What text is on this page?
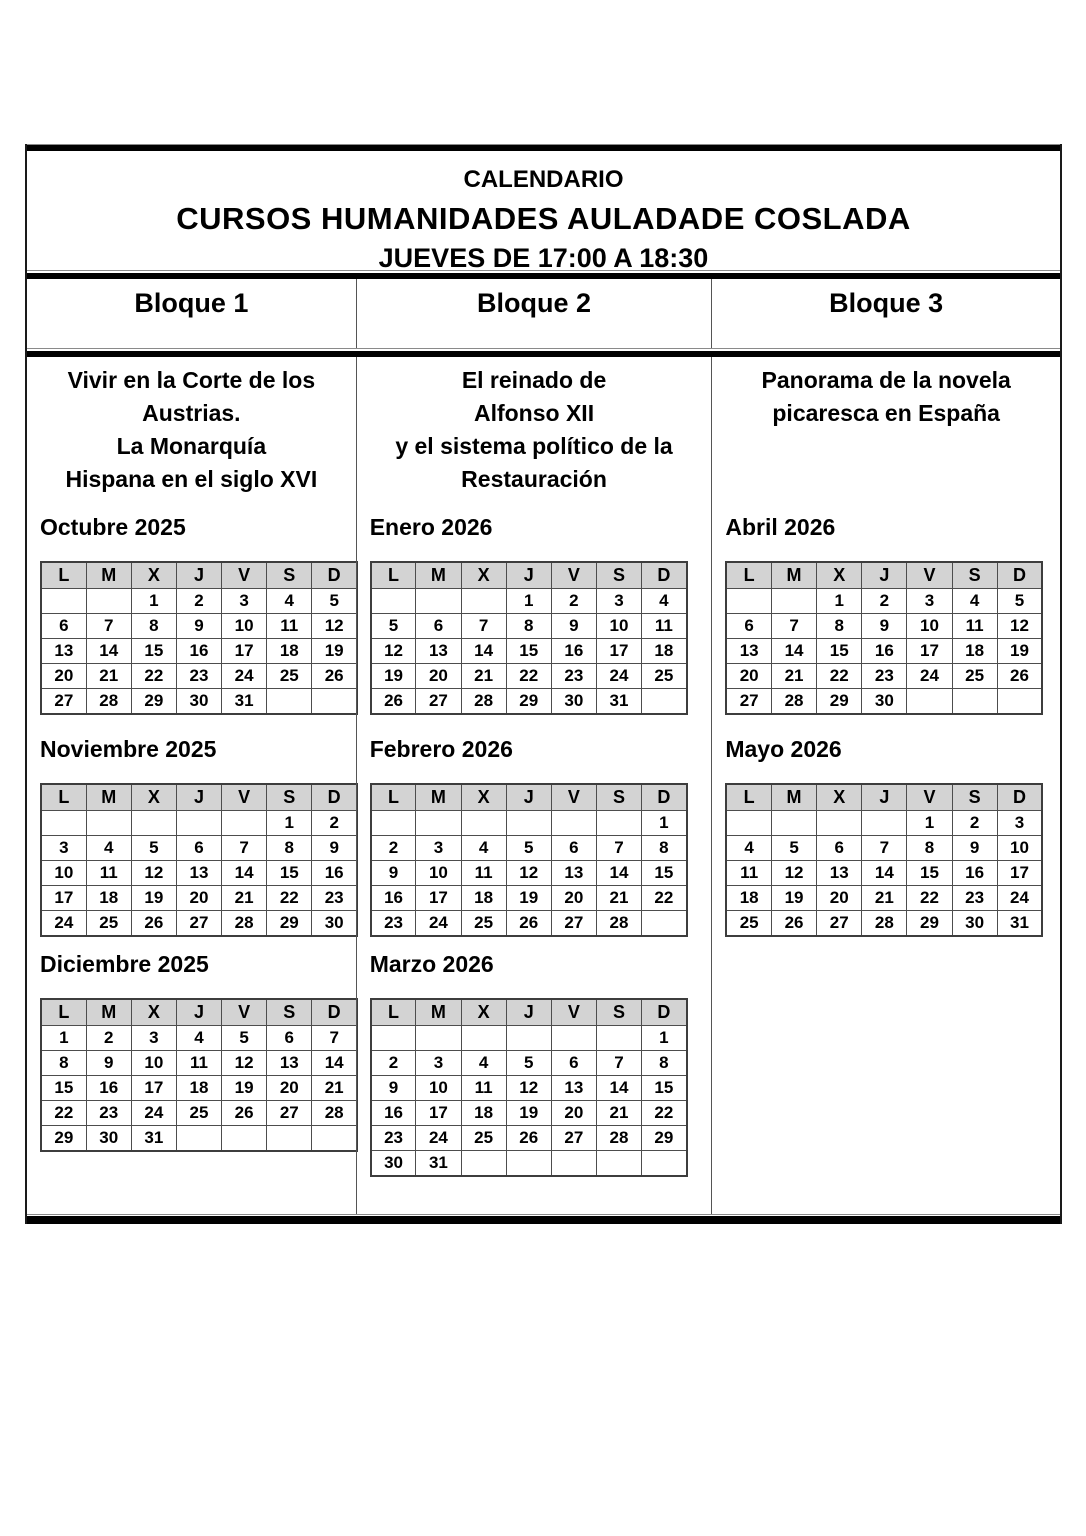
CALENDARIO
CURSOS HUMANIDADES AULADADE COSLADA
JUEVES DE 17:00 A 18:30
Bloque 1	Bloque 2	Bloque 3
Vivir en la Corte de los
Austrias.
La Monarquía
Hispana en el siglo XVI
Octubre 2025
L	M	X	J	V	S	D
		1	2	3	4	5
6	7	8	9	10	11	12
13	14	15	16	17	18	19
20	21	22	23	24	25	26
27	28	29	30	31		
Noviembre 2025
L	M	X	J	V	S	D
					1	2
3	4	5	6	7	8	9
10	11	12	13	14	15	16
17	18	19	20	21	22	23
24	25	26	27	28	29	30
Diciembre 2025
L	M	X	J	V	S	D
1	2	3	4	5	6	7
8	9	10	11	12	13	14
15	16	17	18	19	20	21
22	23	24	25	26	27	28
29	30	31				
El reinado de
Alfonso XII
y el sistema político de la
Restauración
Enero 2026
L	M	X	J	V	S	D
			1	2	3	4
5	6	7	8	9	10	11
12	13	14	15	16	17	18
19	20	21	22	23	24	25
26	27	28	29	30	31	
Febrero 2026
L	M	X	J	V	S	D
						1
2	3	4	5	6	7	8
9	10	11	12	13	14	15
16	17	18	19	20	21	22
23	24	25	26	27	28	
Marzo 2026
L	M	X	J	V	S	D
						1
2	3	4	5	6	7	8
9	10	11	12	13	14	15
16	17	18	19	20	21	22
23	24	25	26	27	28	29
30	31					
Panorama de la novela
picaresca en España
Abril 2026
L	M	X	J	V	S	D
		1	2	3	4	5
6	7	8	9	10	11	12
13	14	15	16	17	18	19
20	21	22	23	24	25	26
27	28	29	30			
Mayo 2026
L	M	X	J	V	S	D
				1	2	3
4	5	6	7	8	9	10
11	12	13	14	15	16	17
18	19	20	21	22	23	24
25	26	27	28	29	30	31
